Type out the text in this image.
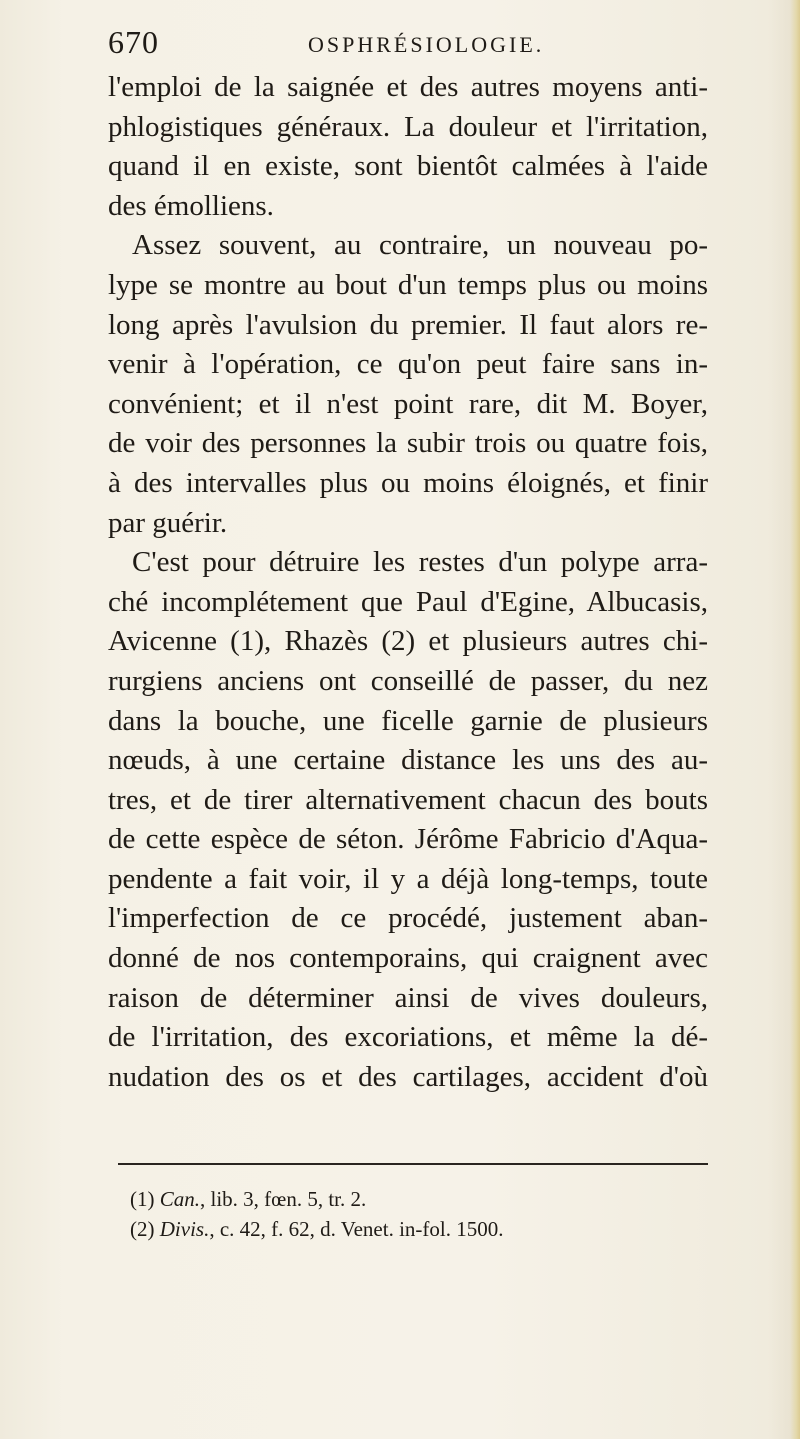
670	OSPHRÉSIOLOGIE.
l'emploi de la saignée et des autres moyens anti-
phlogistiques généraux. La douleur et l'irritation,
quand il en existe, sont bientôt calmées à l'aide
des émolliens.
Assez souvent, au contraire, un nouveau po-
lype se montre au bout d'un temps plus ou moins
long après l'avulsion du premier. Il faut alors re-
venir à l'opération, ce qu'on peut faire sans in-
convénient; et il n'est point rare, dit M. Boyer,
de voir des personnes la subir trois ou quatre fois,
à des intervalles plus ou moins éloignés, et finir
par guérir.
C'est pour détruire les restes d'un polype arra-
ché incomplétement que Paul d'Egine, Albucasis,
Avicenne (1), Rhazès (2) et plusieurs autres chi-
rurgiens anciens ont conseillé de passer, du nez
dans la bouche, une ficelle garnie de plusieurs
nœuds, à une certaine distance les uns des au-
tres, et de tirer alternativement chacun des bouts
de cette espèce de séton. Jérôme Fabricio d'Aqua-
pendente a fait voir, il y a déjà long-temps, toute
l'imperfection de ce procédé, justement aban-
donné de nos contemporains, qui craignent avec
raison de déterminer ainsi de vives douleurs,
de l'irritation, des excoriations, et même la dé-
nudation des os et des cartilages, accident d'où
(1) Can., lib. 3, fœn. 5, tr. 2.
(2) Divis., c. 42, f. 62, d. Venet. in-fol. 1500.
